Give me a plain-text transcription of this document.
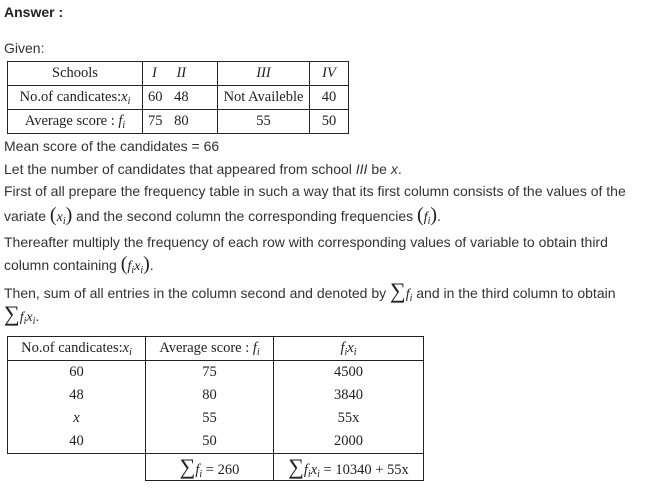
Answer :
Given:
Schools	I II	III	IV
No.of $candicates:x_i$	60 48	Not Availeble	40
Average score : $f_i$	75 80	55	50
Mean score of the candidates = 66
Let the number of candidates that appeared from school III be x.
First of all prepare the frequency table in such a way that its first column consists of the values of the
variate $(x_i)$ and the second column the corresponding frequencies $(f_i)$.
Thereafter multiply the frequency of each row with corresponding values of variable to obtain third
column containing $(f_ix_i)$.
Then, sum of all entries in the column second and denoted by $\sum f_i$ and in the third column to obtain
$\sum f_ix_i$.
No.of $candicates:x_i$	Average score : $f_i$	$f_ix_i$
60	75	4500
48	80	3840
x	55	55x
40	50	2000
	$\sum f_i = 260$	$\sum f_ix_i = 10340 + 55x$
